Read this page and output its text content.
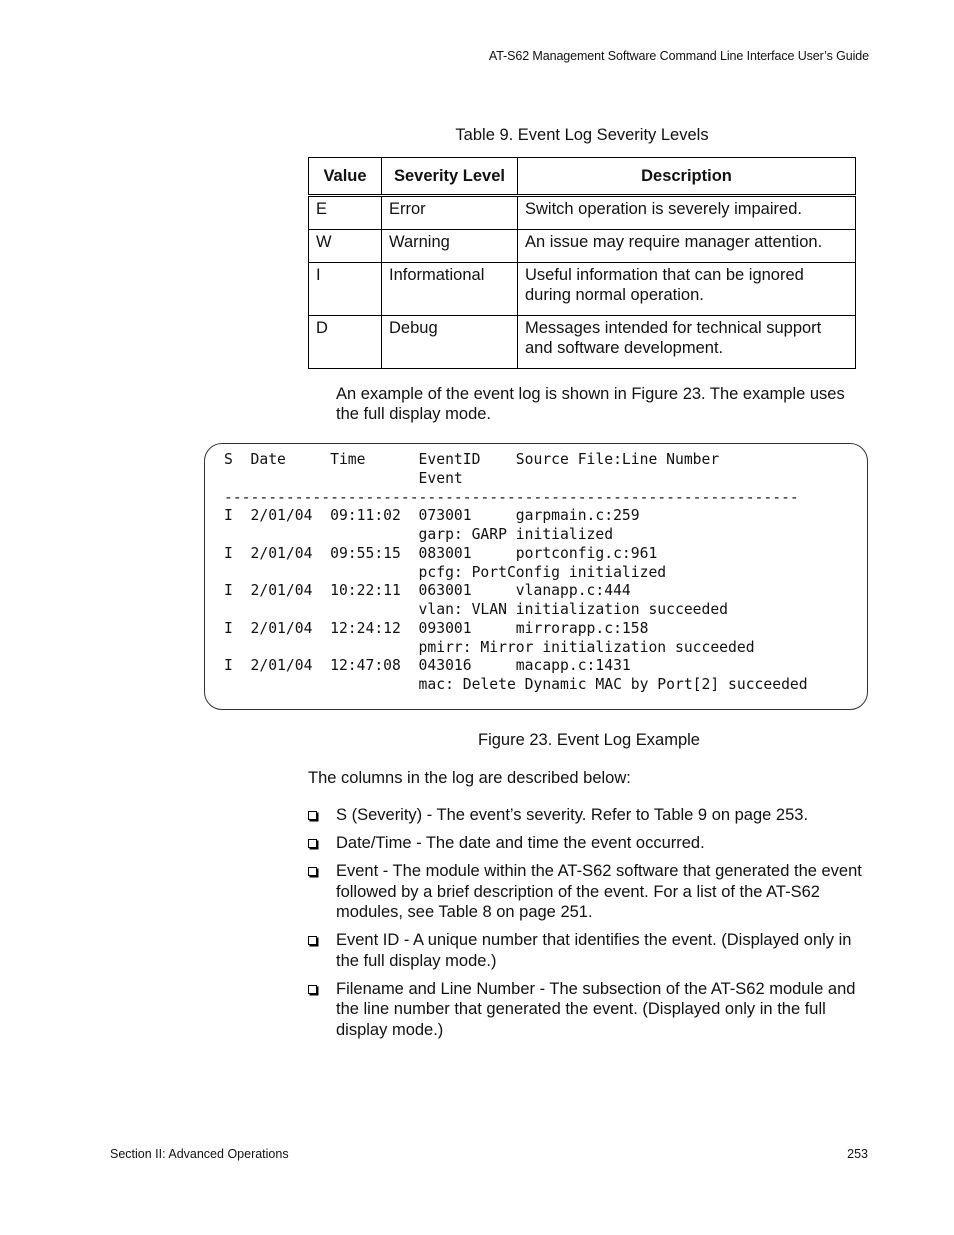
AT-S62 Management Software Command Line Interface User’s Guide
Table 9. Event Log Severity Levels
Value	Severity Level	Description
E	Error	Switch operation is severely impaired.
W	Warning	An issue may require manager attention.
I	Informational	Useful information that can be ignored during normal operation.
D	Debug	Messages intended for technical support and software development.
An example of the event log is shown in Figure 23. The example uses the full display mode.
S  Date     Time      EventID    Source File:Line Number
Event
-----------------------------------------------------------------
I  2/01/04  09:11:02  073001     garpmain.c:259
garp: GARP initialized
I  2/01/04  09:55:15  083001     portconfig.c:961
pcfg: PortConfig initialized
I  2/01/04  10:22:11  063001     vlanapp.c:444
vlan: VLAN initialization succeeded
I  2/01/04  12:24:12  093001     mirrorapp.c:158
pmirr: Mirror initialization succeeded
I  2/01/04  12:47:08  043016     macapp.c:1431
mac: Delete Dynamic MAC by Port[2] succeeded
Figure 23. Event Log Example
The columns in the log are described below:
S (Severity) - The event’s severity. Refer to Table 9 on page 253.
Date/Time - The date and time the event occurred.
Event - The module within the AT-S62 software that generated the event followed by a brief description of the event. For a list of the AT-S62 modules, see Table 8 on page 251.
Event ID - A unique number that identifies the event. (Displayed only in the full display mode.)
Filename and Line Number - The subsection of the AT-S62 module and the line number that generated the event. (Displayed only in the full display mode.)
Section II: Advanced Operations	253
